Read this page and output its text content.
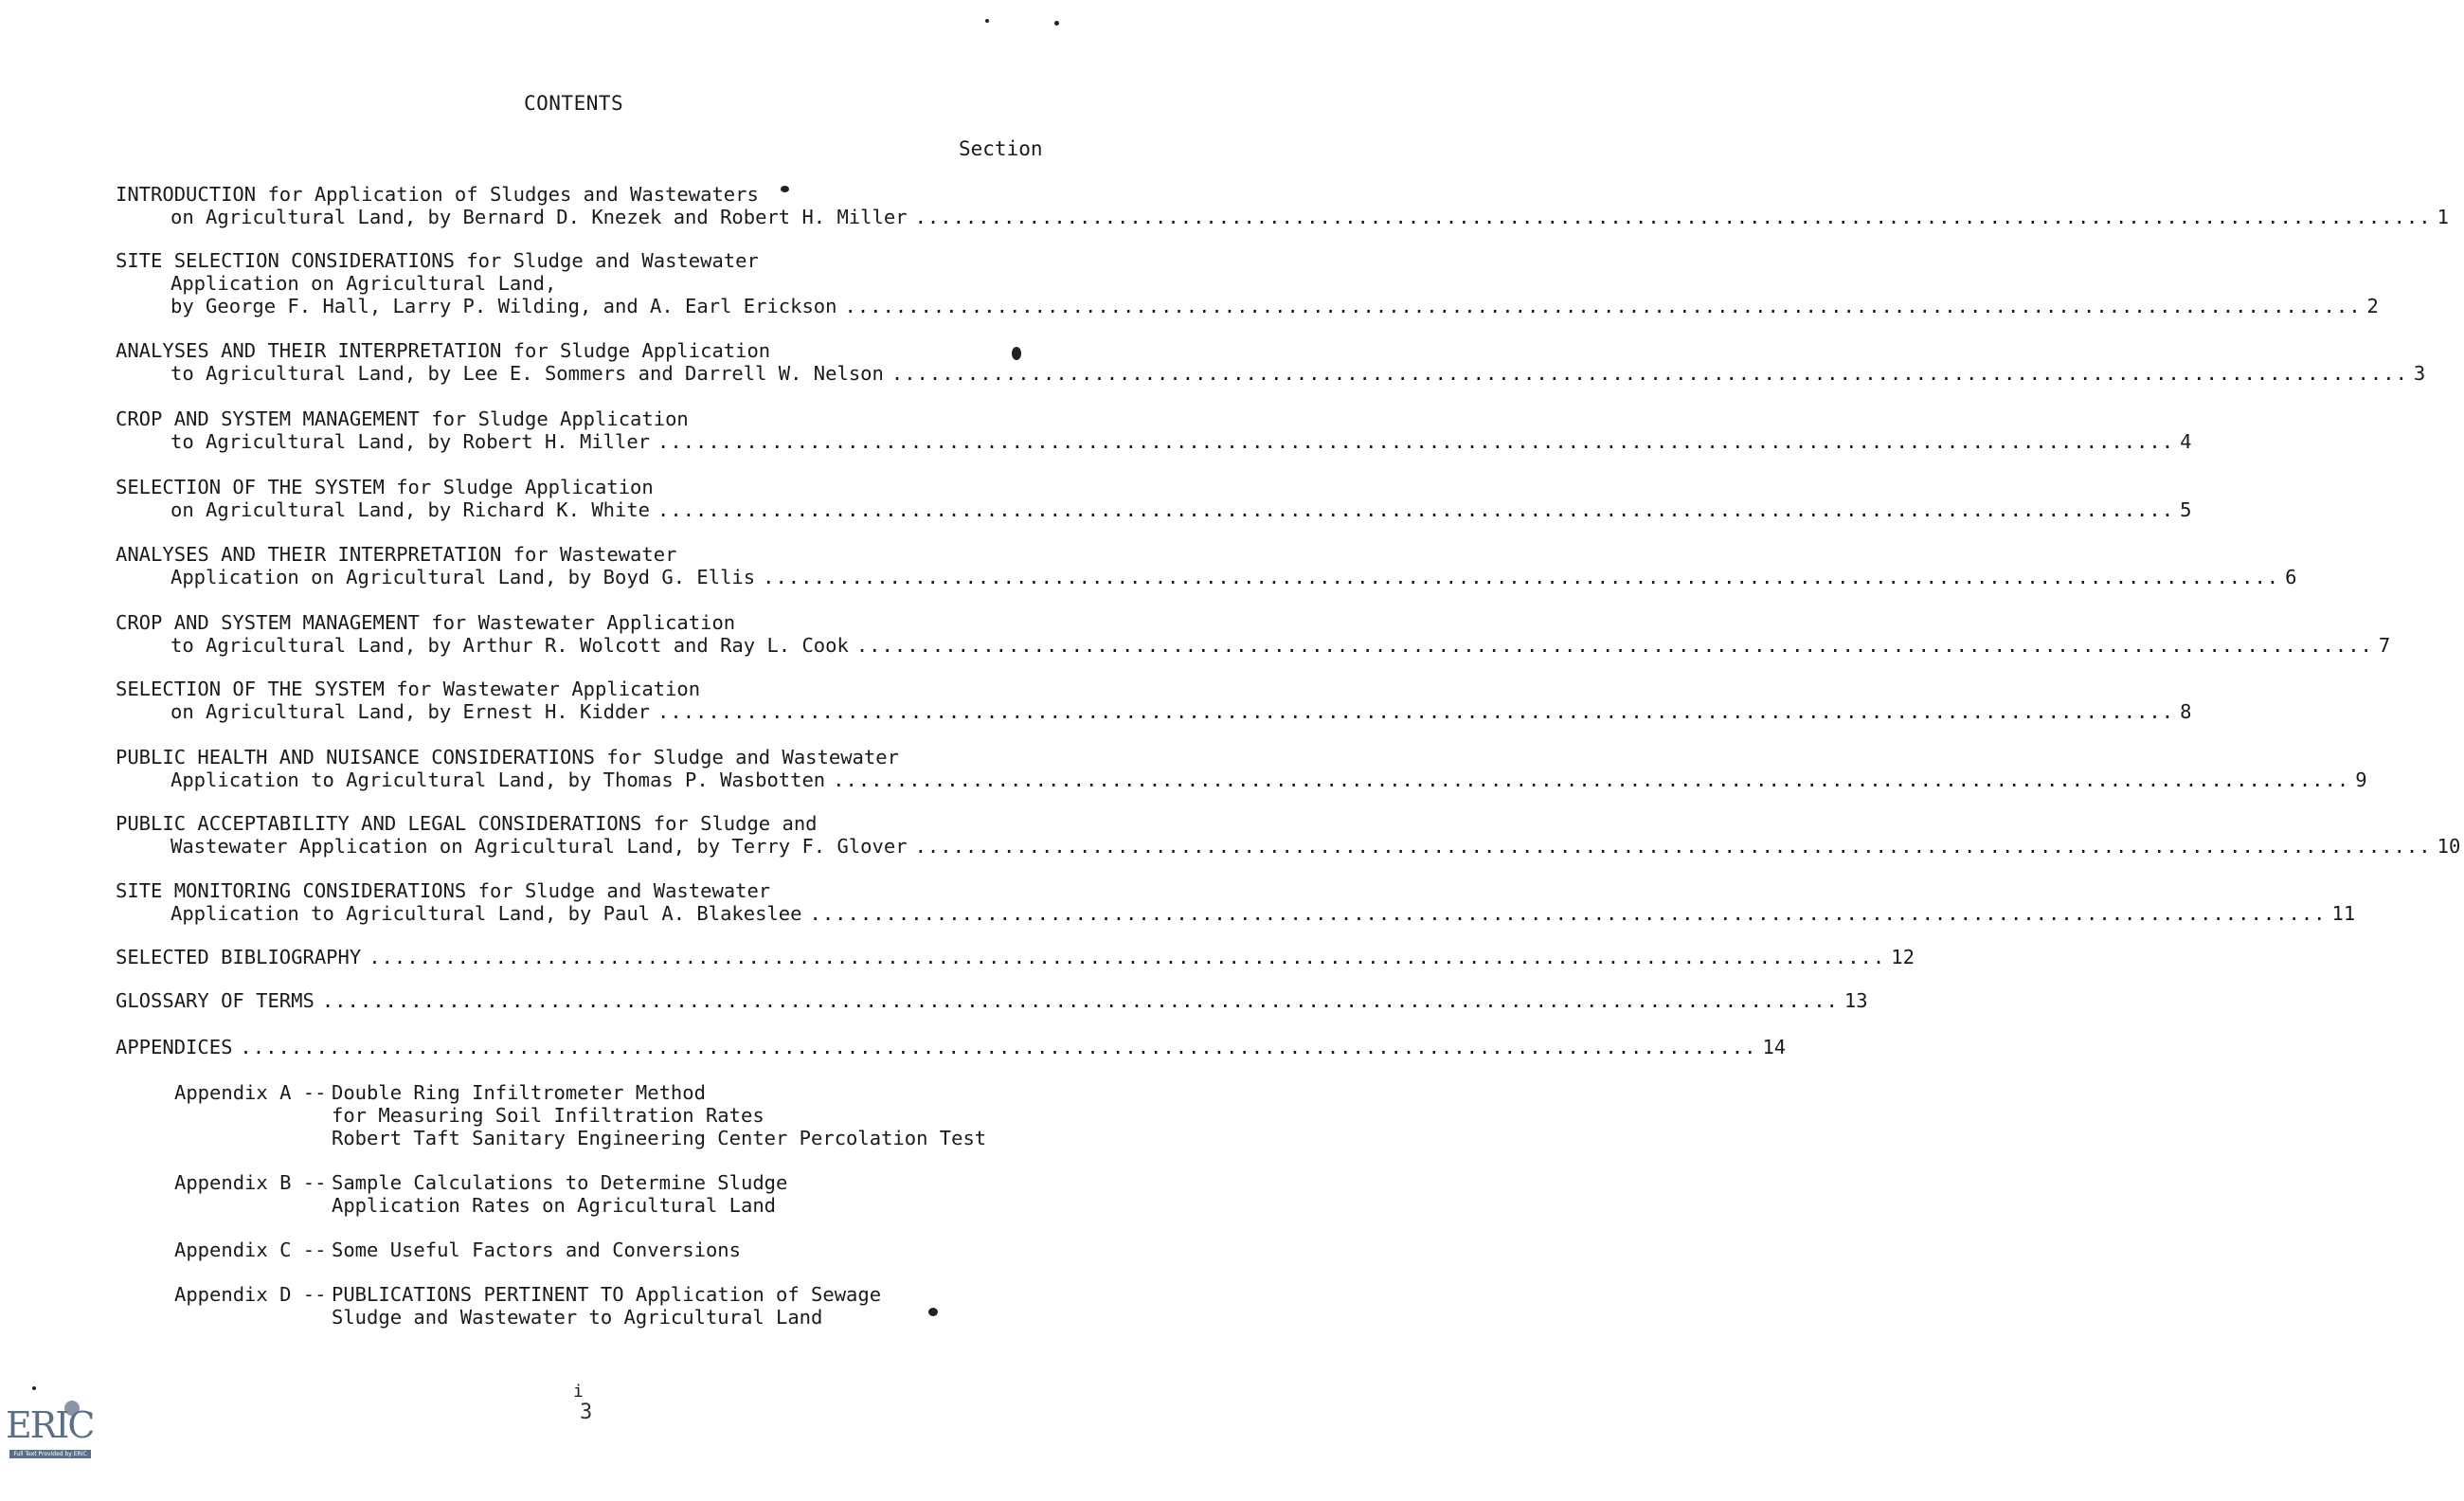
CONTENTS
Section
INTRODUCTION for Application of Sludges and Wastewaters
on Agricultural Land, by Bernard D. Knezek and Robert H. Miller ........................................................................................................................ 1
SITE SELECTION CONSIDERATIONS for Sludge and Wastewater
Application on Agricultural Land,
by George F. Hall, Larry P. Wilding, and A. Earl Erickson ........................................................................................................................ 2
ANALYSES AND THEIR INTERPRETATION for Sludge Application
to Agricultural Land, by Lee E. Sommers and Darrell W. Nelson ........................................................................................................................ 3
CROP AND SYSTEM MANAGEMENT for Sludge Application
to Agricultural Land, by Robert H. Miller ........................................................................................................................ 4
SELECTION OF THE SYSTEM for Sludge Application
on Agricultural Land, by Richard K. White ........................................................................................................................ 5
ANALYSES AND THEIR INTERPRETATION for Wastewater
Application on Agricultural Land, by Boyd G. Ellis ........................................................................................................................ 6
CROP AND SYSTEM MANAGEMENT for Wastewater Application
to Agricultural Land, by Arthur R. Wolcott and Ray L. Cook ........................................................................................................................ 7
SELECTION OF THE SYSTEM for Wastewater Application
on Agricultural Land, by Ernest H. Kidder ........................................................................................................................ 8
PUBLIC HEALTH AND NUISANCE CONSIDERATIONS for Sludge and Wastewater
Application to Agricultural Land, by Thomas P. Wasbotten ........................................................................................................................ 9
PUBLIC ACCEPTABILITY AND LEGAL CONSIDERATIONS for Sludge and
Wastewater Application on Agricultural Land, by Terry F. Glover ........................................................................................................................ 10
SITE MONITORING CONSIDERATIONS for Sludge and Wastewater
Application to Agricultural Land, by Paul A. Blakeslee ........................................................................................................................ 11
SELECTED BIBLIOGRAPHY ........................................................................................................................ 12
GLOSSARY OF TERMS ........................................................................................................................ 13
APPENDICES ........................................................................................................................ 14
Appendix A -- Double Ring Infiltrometer Method
for Measuring Soil Infiltration Rates
Robert Taft Sanitary Engineering Center Percolation Test
Appendix B -- Sample Calculations to Determine Sludge
Application Rates on Agricultural Land
Appendix C -- Some Useful Factors and Conversions
Appendix D -- PUBLICATIONS PERTINENT TO Application of Sewage
Sludge and Wastewater to Agricultural Land
i
3
ERIC
Full Text Provided by ERIC
